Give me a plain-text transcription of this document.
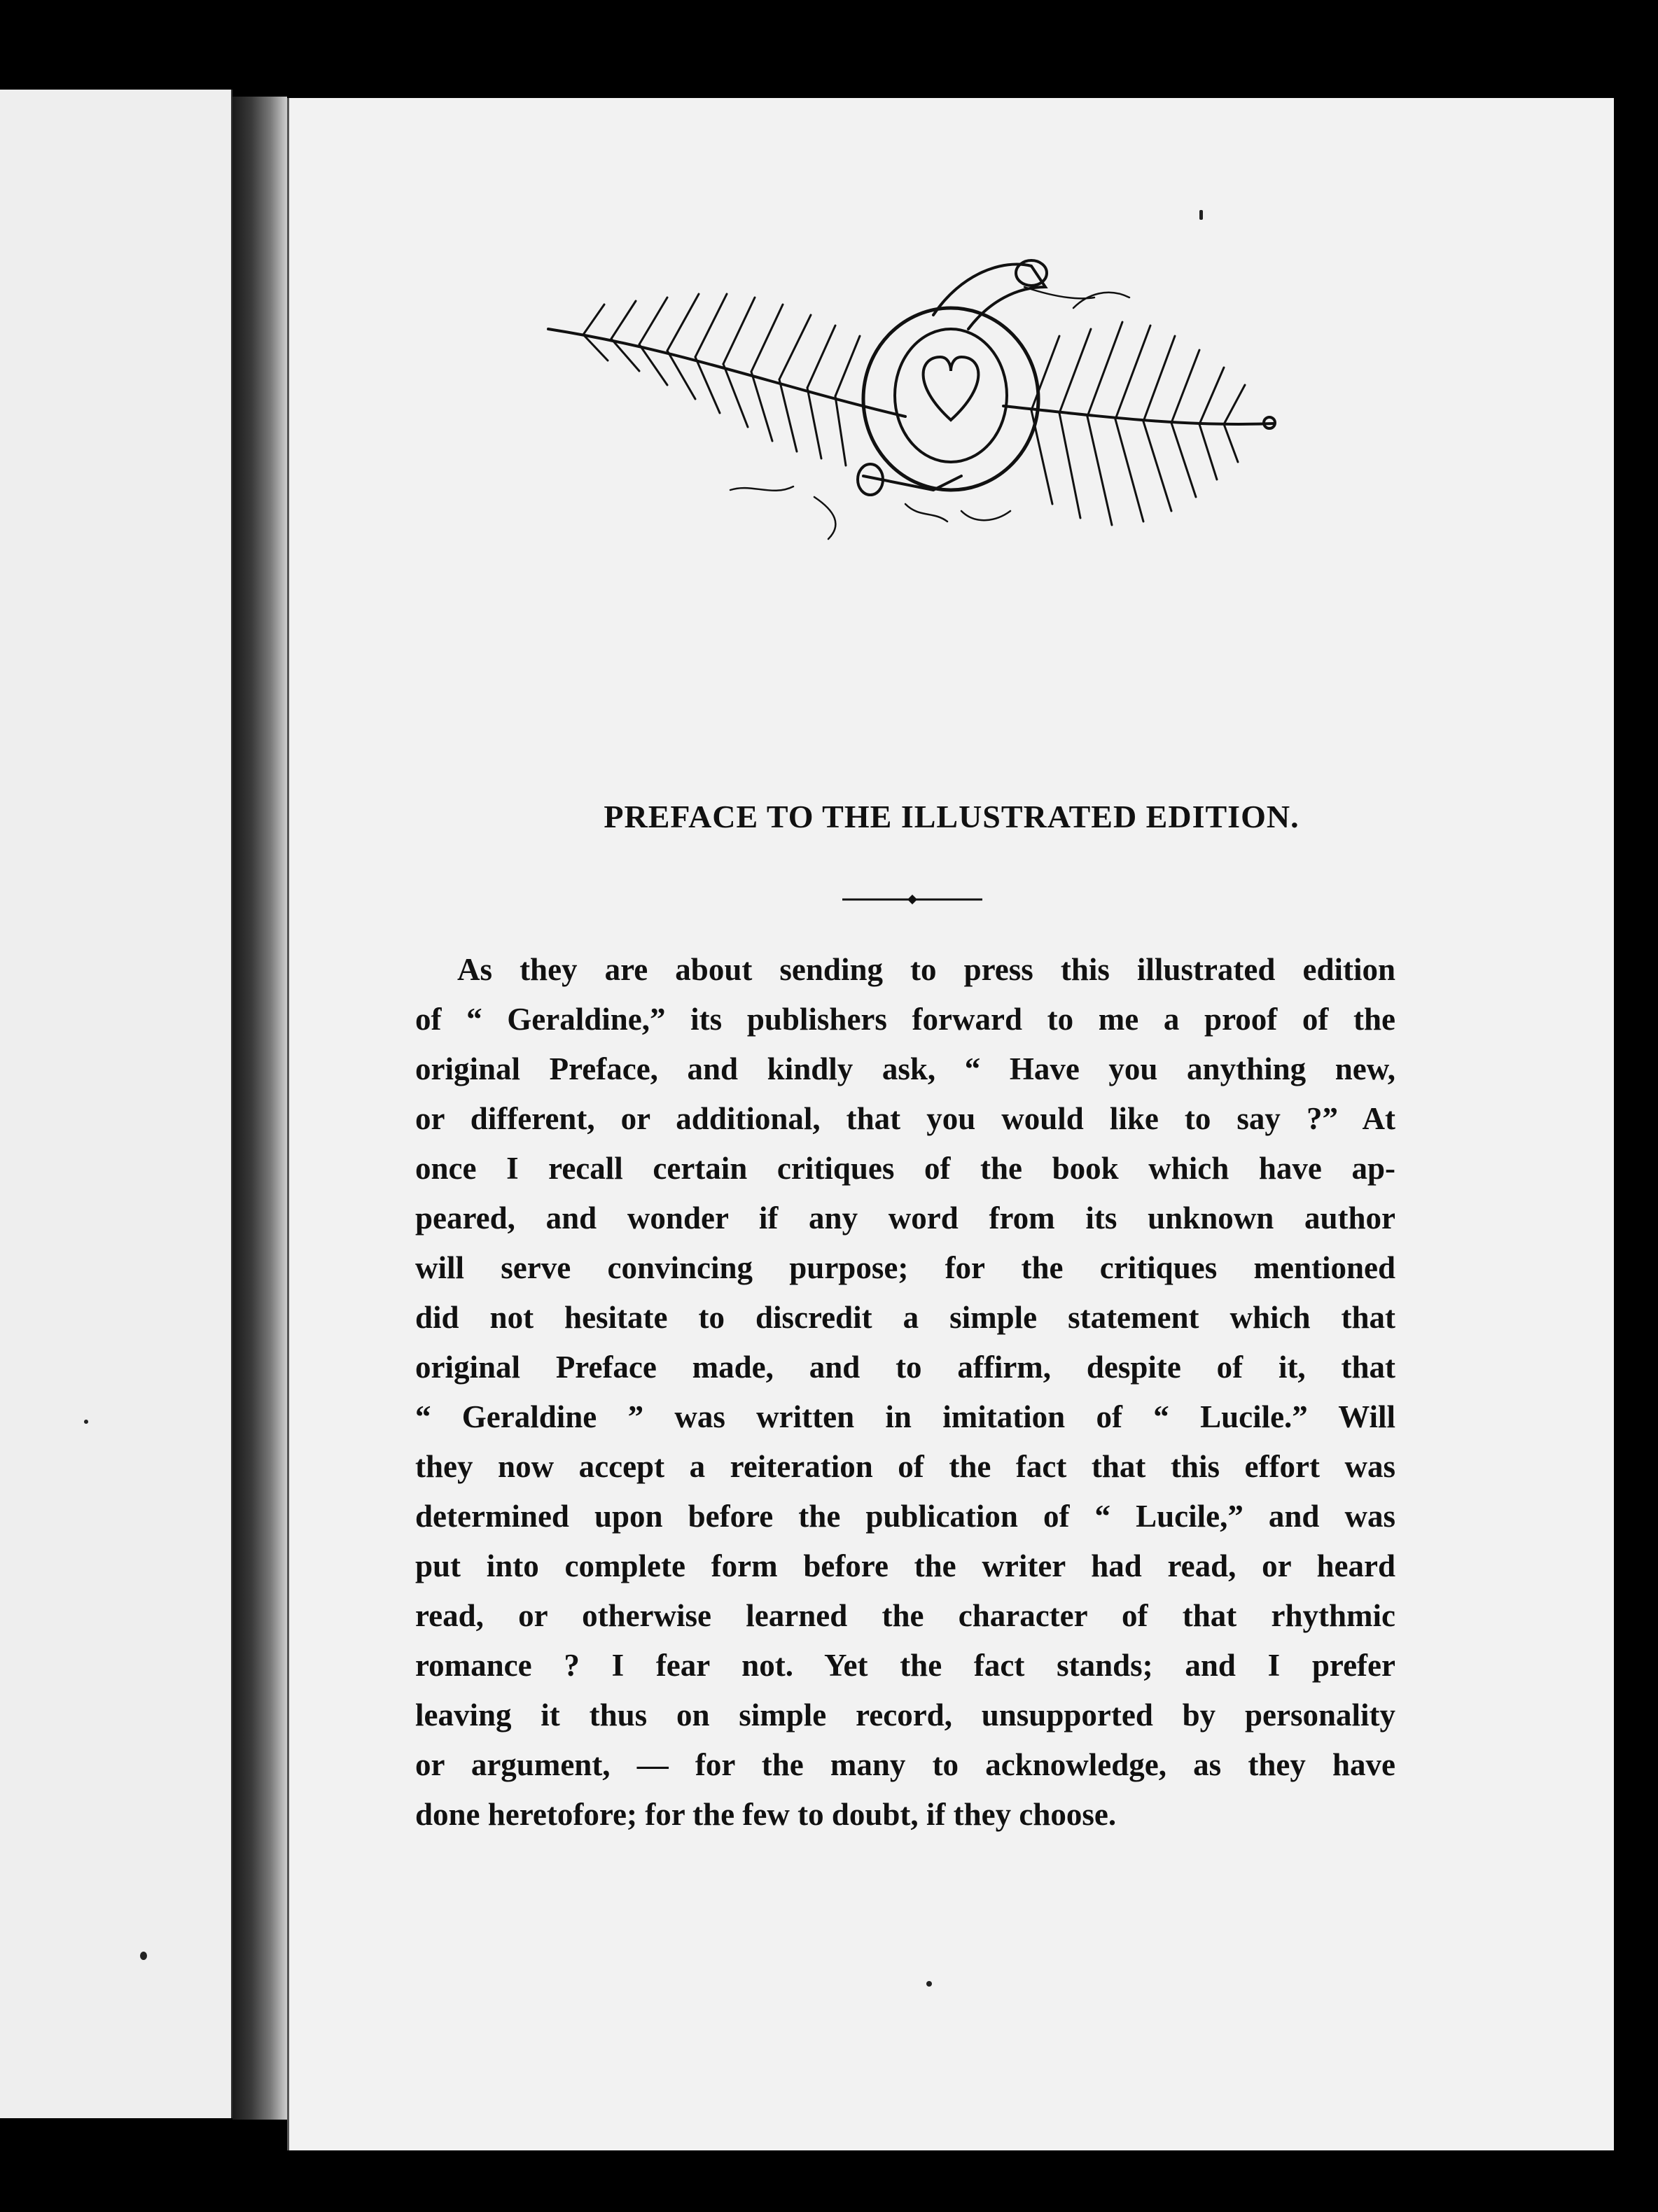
PREFACE TO THE ILLUSTRATED EDITION.
As they are about sending to press this illustrated edition
of “ Geraldine,” its publishers forward to me a proof of the
original Preface, and kindly ask, “ Have you anything new,
or different, or additional, that you would like to say ?” At
once I recall certain critiques of the book which have ap-
peared, and wonder if any word from its unknown author
will serve convincing purpose; for the critiques mentioned
did not hesitate to discredit a simple statement which that
original Preface made, and to affirm, despite of it, that
“ Geraldine ” was written in imitation of “ Lucile.” Will
they now accept a reiteration of the fact that this effort was
determined upon before the publication of “ Lucile,” and was
put into complete form before the writer had read, or heard
read, or otherwise learned the character of that rhythmic
romance ? I fear not. Yet the fact stands; and I prefer
leaving it thus on simple record, unsupported by personality
or argument, — for the many to acknowledge, as they have
done heretofore; for the few to doubt, if they choose.
